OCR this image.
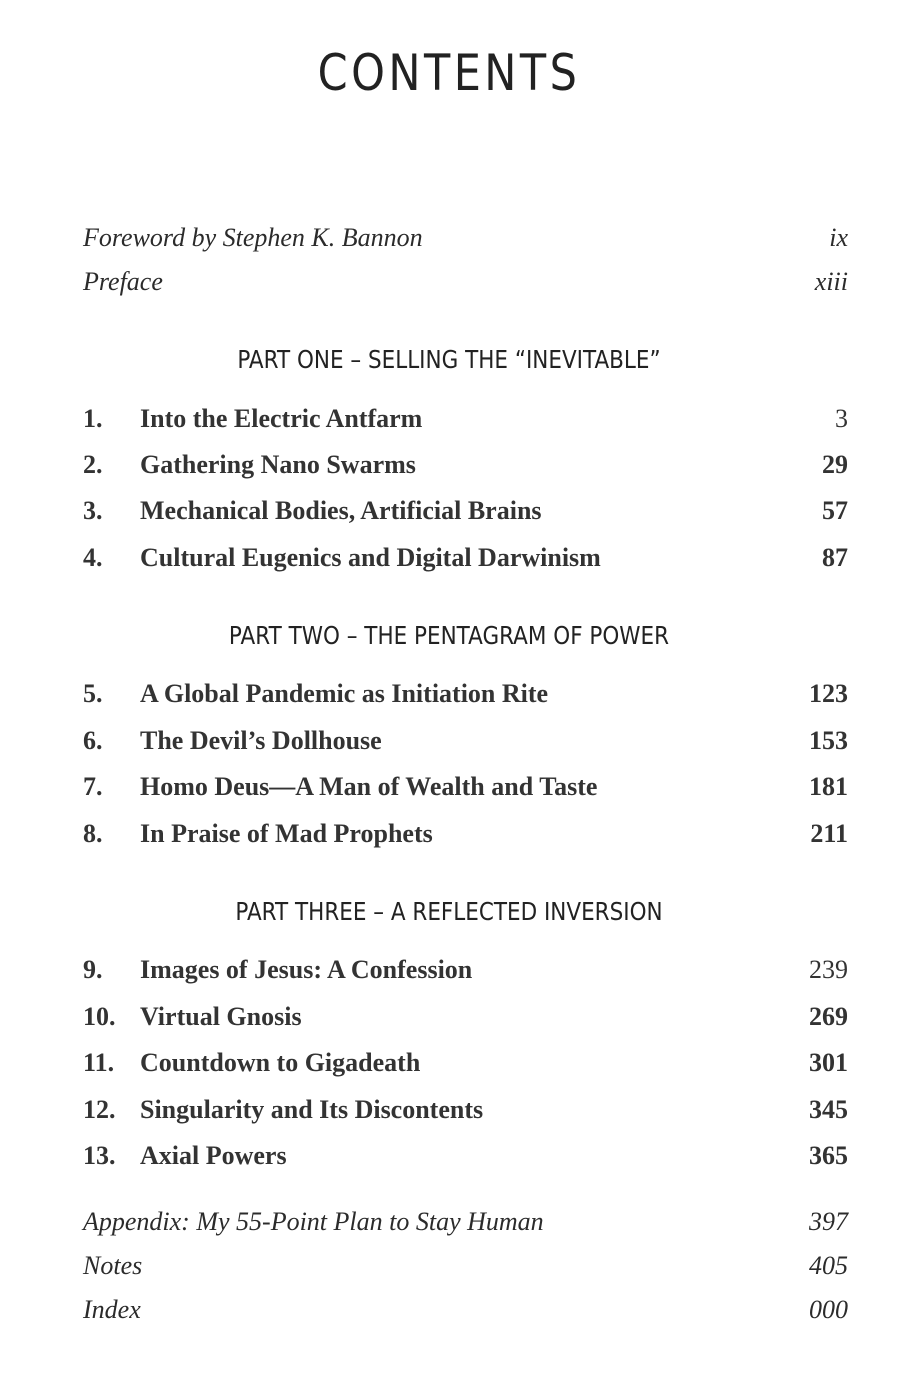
CONTENTS
Foreword by Stephen K. Bannon	ix
Preface	xiii
PART ONE – SELLING THE “INEVITABLE”
1.	Into the Electric Antfarm	3
2.	Gathering Nano Swarms	29
3.	Mechanical Bodies, Artificial Brains	57
4.	Cultural Eugenics and Digital Darwinism	87
PART TWO – THE PENTAGRAM OF POWER
5.	A Global Pandemic as Initiation Rite	123
6.	The Devil’s Dollhouse	153
7.	Homo Deus—A Man of Wealth and Taste	181
8.	In Praise of Mad Prophets	211
PART THREE – A REFLECTED INVERSION
9.	Images of Jesus: A Confession	239
10. Virtual Gnosis	269
11. Countdown to Gigadeath	301
12. Singularity and Its Discontents	345
13. Axial Powers	365
Appendix: My 55-Point Plan to Stay Human	397
Notes	405
Index	000
